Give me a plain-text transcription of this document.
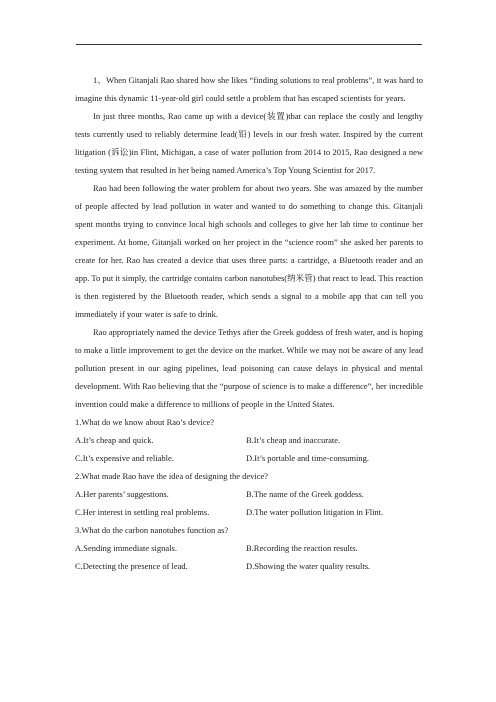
1、When Gitanjali Rao shared how she likes “finding solutions to real problems”, it was hard to imagine this dynamic 11-year-old girl could settle a problem that has escaped scientists for years.

In just three months, Rao came up with a device(装置)that can replace the costly and lengthy tests currently used to reliably determine lead(铅) levels in our fresh water. Inspired by the current litigation (诉讼)in Flint, Michigan, a case of water pollution from 2014 to 2015, Rao designed a new testing system that resulted in her being named America’s Top Young Scientist for 2017.

Rao had been following the water problem for about two years. She was amazed by the number of people affected by lead pollution in water and wanted to do something to change this. Gitanjali spent months trying to convince local high schools and colleges to give her lab time to continue her experiment. At home, Gitanjali worked on her project in the “science room” she asked her parents to create for her. Rao has created a device that uses three parts: a cartridge, a Bluetooth reader and an app. To put it simply, the cartridge contains carbon nanotubes(纳米管) that react to lead. This reaction is then registered by the Bluetooth reader, which sends a signal to a mobile app that can tell you immediately if your water is safe to drink.

Rao appropriately named the device Tethys after the Greek goddess of fresh water, and is hoping to make a little improvement to get the device on the market. While we may not be aware of any lead pollution present in our aging pipelines, lead poisoning can cause delays in physical and mental development. With Rao believing that the “purpose of science is to make a difference”, her incredible invention could make a difference to millions of people in the United States.

1.What do we know about Rao’s device?

A.It’s cheap and quick.	B.It’s cheap and inaccurate.
C.It’s expensive and reliable.	D.It’s portable and time-consuming.

2.What made Rao have the idea of designing the device?

A.Her parents’ suggestions.	B.The name of the Greek goddess.
C.Her interest in settling real problems.	D.The water pollution litigation in Flint.

3.What do the carbon nanotubes function as?

A.Sending immediate signals.	B.Recording the reaction results.
C.Detecting the presence of lead.	D.Showing the water quality results.
